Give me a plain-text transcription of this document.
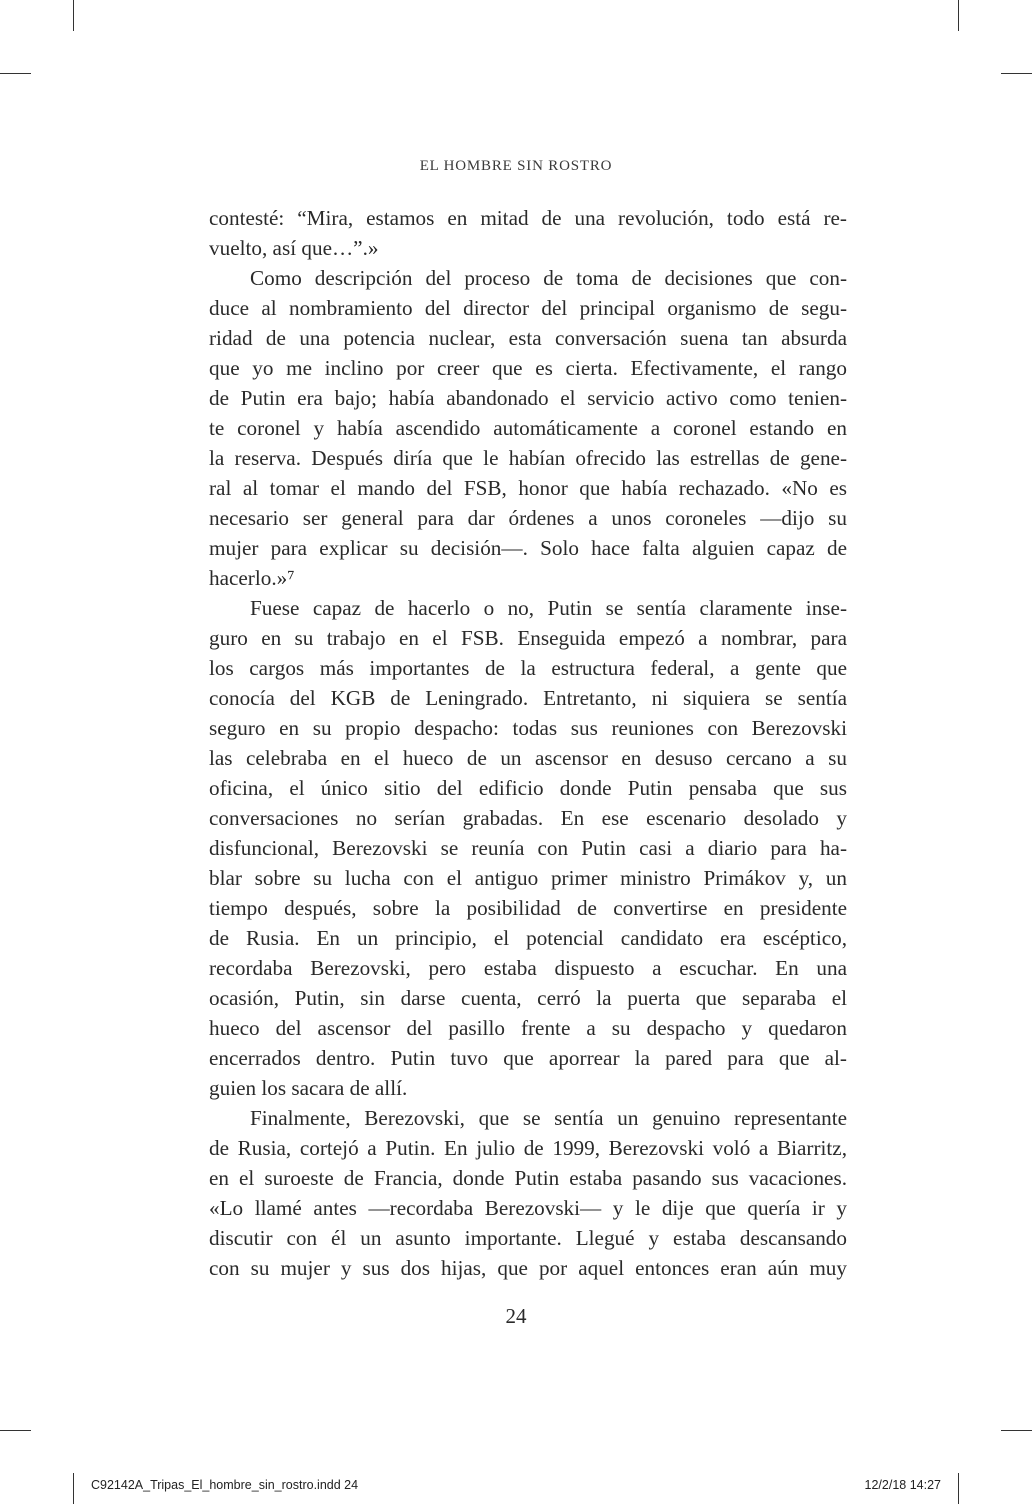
EL HOMBRE SIN ROSTRO
contesté: “Mira, estamos en mitad de una revolución, todo está re-
vuelto, así que…”.»
Como descripción del proceso de toma de decisiones que con-
duce al nombramiento del director del principal organismo de segu-
ridad de una potencia nuclear, esta conversación suena tan absurda
que yo me inclino por creer que es cierta. Efectivamente, el rango
de Putin era bajo; había abandonado el servicio activo como tenien-
te coronel y había ascendido automáticamente a coronel estando en
la reserva. Después diría que le habían ofrecido las estrellas de gene-
ral al tomar el mando del FSB, honor que había rechazado. «No es
necesario ser general para dar órdenes a unos coroneles —dijo su
mujer para explicar su decisión—. Solo hace falta alguien capaz de
hacerlo.»⁷
Fuese capaz de hacerlo o no, Putin se sentía claramente inse-
guro en su trabajo en el FSB. Enseguida empezó a nombrar, para
los cargos más importantes de la estructura federal, a gente que
conocía del KGB de Leningrado. Entretanto, ni siquiera se sentía
seguro en su propio despacho: todas sus reuniones con Berezovski
las celebraba en el hueco de un ascensor en desuso cercano a su
oficina, el único sitio del edificio donde Putin pensaba que sus
conversaciones no serían grabadas. En ese escenario desolado y
disfuncional, Berezovski se reunía con Putin casi a diario para ha-
blar sobre su lucha con el antiguo primer ministro Primákov y, un
tiempo después, sobre la posibilidad de convertirse en presidente
de Rusia. En un principio, el potencial candidato era escéptico,
recordaba Berezovski, pero estaba dispuesto a escuchar. En una
ocasión, Putin, sin darse cuenta, cerró la puerta que separaba el
hueco del ascensor del pasillo frente a su despacho y quedaron
encerrados dentro. Putin tuvo que aporrear la pared para que al-
guien los sacara de allí.
Finalmente, Berezovski, que se sentía un genuino representante
de Rusia, cortejó a Putin. En julio de 1999, Berezovski voló a Biarritz,
en el suroeste de Francia, donde Putin estaba pasando sus vacaciones.
«Lo llamé antes —recordaba Berezovski— y le dije que quería ir y
discutir con él un asunto importante. Llegué y estaba descansando
con su mujer y sus dos hijas, que por aquel entonces eran aún muy
24
C92142A_Tripas_El_hombre_sin_rostro.indd 24	12/2/18 14:27
